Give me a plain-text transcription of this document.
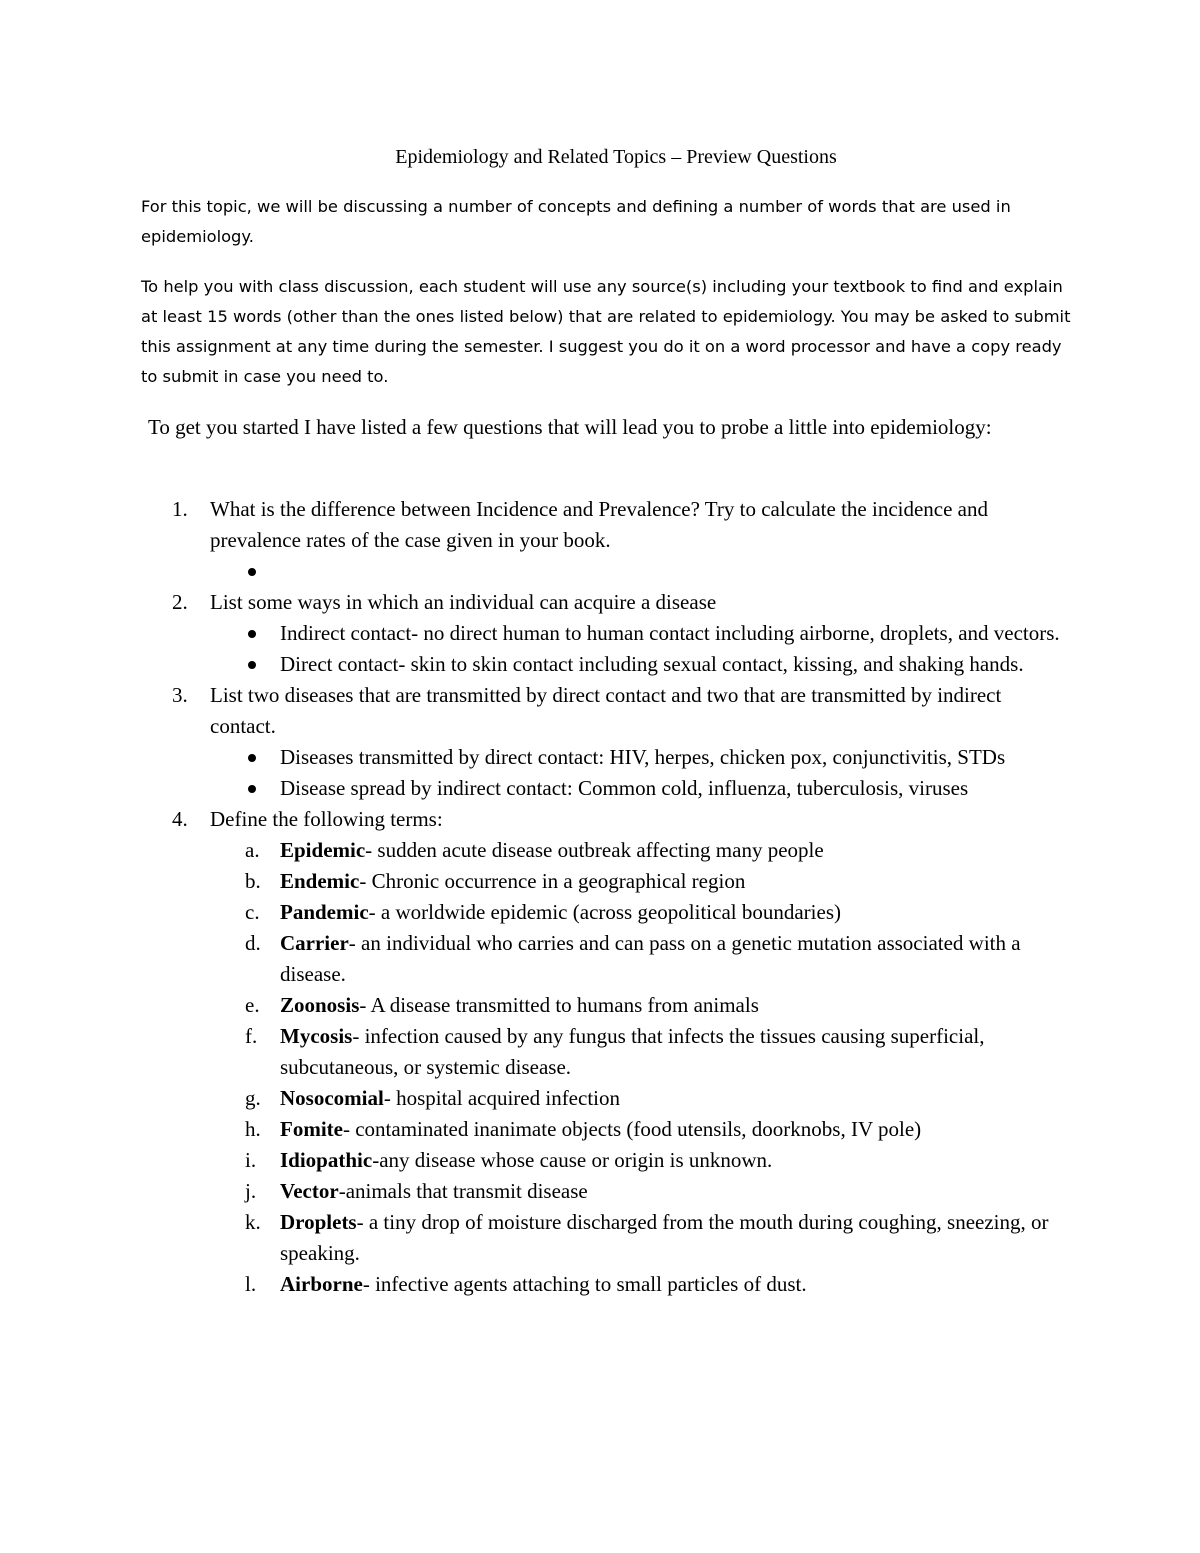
Epidemiology and Related Topics – Preview Questions
For this topic, we will be discussing a number of concepts and defining a number of words that are used in epidemiology.
To help you with class discussion, each student will use any source(s) including your textbook to find and explain at least 15 words (other than the ones listed below) that are related to epidemiology. You may be asked to submit this assignment at any time during the semester. I suggest you do it on a word processor and have a copy ready to submit in case you need to.
To get you started I have listed a few questions that will lead you to probe a little into epidemiology:
1. What is the difference between Incidence and Prevalence? Try to calculate the incidence and prevalence rates of the case given in your book.
2. List some ways in which an individual can acquire a disease
Indirect contact- no direct human to human contact including airborne, droplets, and vectors.
Direct contact- skin to skin contact including sexual contact, kissing, and shaking hands.
3. List two diseases that are transmitted by direct contact and two that are transmitted by indirect contact.
Diseases transmitted by direct contact: HIV, herpes, chicken pox, conjunctivitis, STDs
Disease spread by indirect contact: Common cold, influenza, tuberculosis, viruses
4. Define the following terms:
a. Epidemic- sudden acute disease outbreak affecting many people
b. Endemic- Chronic occurrence in a geographical region
c. Pandemic- a worldwide epidemic (across geopolitical boundaries)
d. Carrier- an individual who carries and can pass on a genetic mutation associated with a disease.
e. Zoonosis- A disease transmitted to humans from animals
f. Mycosis- infection caused by any fungus that infects the tissues causing superficial, subcutaneous, or systemic disease.
g. Nosocomial- hospital acquired infection
h. Fomite- contaminated inanimate objects (food utensils, doorknobs, IV pole)
i. Idiopathic-any disease whose cause or origin is unknown.
j. Vector-animals that transmit disease
k. Droplets- a tiny drop of moisture discharged from the mouth during coughing, sneezing, or speaking.
l. Airborne- infective agents attaching to small particles of dust.
